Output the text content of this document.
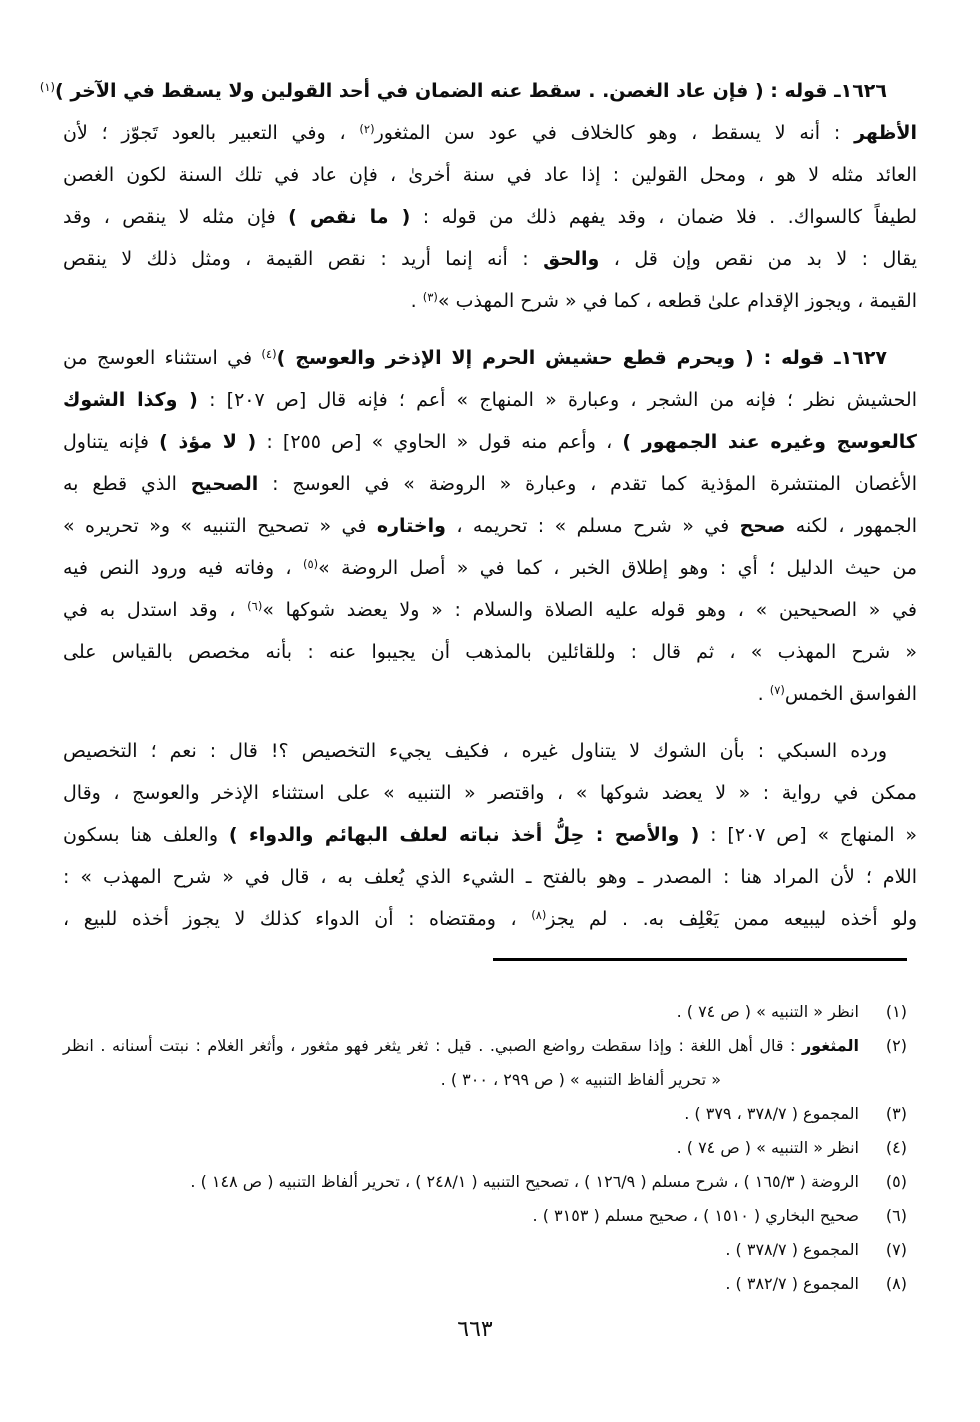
١٦٢٦ـ قوله : ( فإن عاد الغصن. . سقط عنه الضمان في أحد القولين ولا يسقط في الآخر )$^{(١)}$
الأظهر : أنه لا يسقط ، وهو كالخلاف في عود سن المثغور$^{(٢)}$ ، وفي التعبير بالعود تَجوّز ؛ لأن
العائد مثله لا هو ، ومحل القولين : إذا عاد في سنة أخرىٰ ، فإن عاد في تلك السنة لكون الغصن
لطيفاً كالسواك. . فلا ضمان ، وقد يفهم ذلك من قوله : ( ما نقص ) فإن مثله لا ينقص ، وقد
يقال : لا بد من نقص وإن قل ، والحق : أنه إنما أريد : نقص القيمة ، ومثل ذلك لا ينقص
القيمة ، ويجوز الإقدام علىٰ قطعه ، كما في « شرح المهذب »$^{(٣)}$ .
١٦٢٧ـ قوله : ( ويحرم قطع حشيش الحرم إلا الإذخر والعوسج )$^{(٤)}$ في استثناء العوسج من
الحشيش نظر ؛ فإنه من الشجر ، وعبارة « المنهاج » أعم ؛ فإنه قال [ص ٢٠٧] : ( وكذا الشوك
كالعوسج وغيره عند الجمهور ) ، وأعم منه قول « الحاوي » [ص ٢٥٥] : ( لا مؤذ ) فإنه يتناول
الأغصان المنتشرة المؤذية كما تقدم ، وعبارة « الروضة » في العوسج : الصحيح الذي قطع به
الجمهور ، لكنه صحح في « شرح مسلم » : تحريمه ، واختاره في « تصحيح التنبيه » و« تحريره »
من حيث الدليل ؛ أي : وهو إطلاق الخبر ، كما في « أصل الروضة »$^{(٥)}$ ، وفاته فيه ورود النص فيه
في « الصحيحين » ، وهو قوله عليه الصلاة والسلام : « ولا يعضد شوكها »$^{(٦)}$ ، وقد استدل به في
« شرح المهذب » ، ثم قال : وللقائلين بالمذهب أن يجيبوا عنه : بأنه مخصص بالقياس على
الفواسق الخمس$^{(٧)}$ .
ورده السبكي : بأن الشوك لا يتناول غيره ، فكيف يجيء التخصيص ؟! قال : نعم ؛ التخصيص
ممكن في رواية : « لا يعضد شوكها » ، واقتصر « التنبيه » على استثناء الإذخر والعوسج ، وقال
« المنهاج » [ص ٢٠٧] : ( والأصح : حِلُّ أخذ نباته لعلف البهائم والدواء ) والعلف هنا بسكون
اللام ؛ لأن المراد هنا : المصدر ـ وهو بالفتح ـ الشيء الذي يُعلف به ، قال في « شرح المهذب » :
ولو أخذه ليبيعه ممن يَعْلِف به. . لم يجز$^{(٨)}$ ، ومقتضاه : أن الدواء كذلك لا يجوز أخذه للبيع ،
(١)
انظر « التنبيه » ( ص ٧٤ ) .
(٢)
المثغور : قال أهل اللغة : وإذا سقطت رواضع الصبي. . قيل : ثغر يثغر فهو مثغور ، وأثغر الغلام : نبتت أسنانه . انظر
« تحرير ألفاظ التنبيه » ( ص ٢٩٩ ، ٣٠٠ ) .
(٣)
المجموع ( ٣٧٨/٧ ، ٣٧٩ ) .
(٤)
انظر « التنبيه » ( ص ٧٤ ) .
(٥)
الروضة ( ١٦٥/٣ ) ، شرح مسلم ( ١٢٦/٩ ) ، تصحيح التنبيه ( ٢٤٨/١ ) ، تحرير ألفاظ التنبيه ( ص ١٤٨ ) .
(٦)
صحيح البخاري ( ١٥١٠ ) ، صحيح مسلم ( ٣١٥٣ ) .
(٧)
المجموع ( ٣٧٨/٧ ) .
(٨)
المجموع ( ٣٨٢/٧ ) .
٦٦٣
